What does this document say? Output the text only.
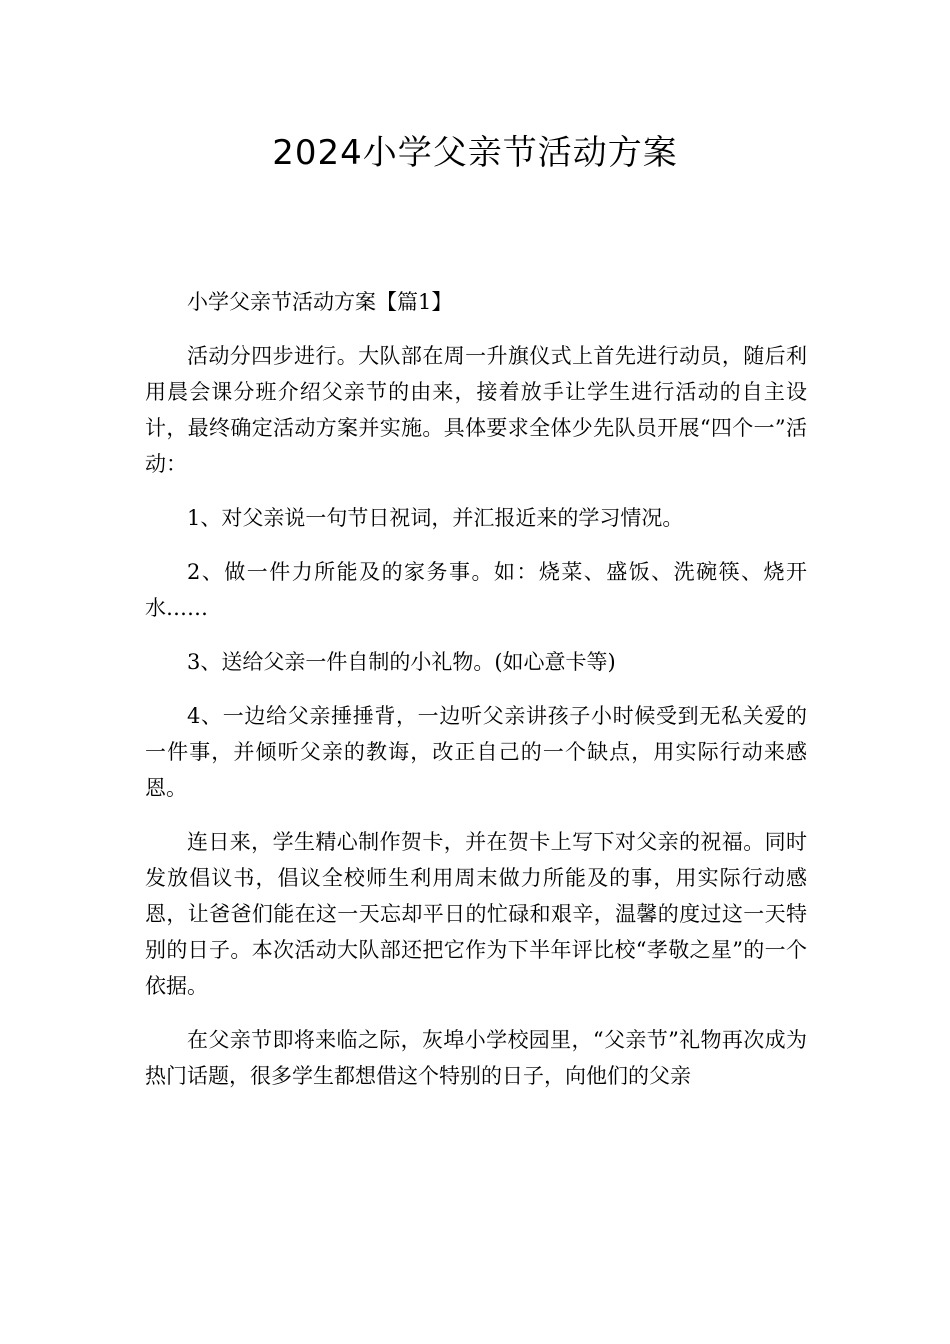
2024小学父亲节活动方案

小学父亲节活动方案【篇1】

活动分四步进行。大队部在周一升旗仪式上首先进行动员，随后利用晨会课分班介绍父亲节的由来，接着放手让学生进行活动的自主设计，最终确定活动方案并实施。具体要求全体少先队员开展“四个一”活动：

1、对父亲说一句节日祝词，并汇报近来的学习情况。

2、做一件力所能及的家务事。如：烧菜、盛饭、洗碗筷、烧开水……

3、送给父亲一件自制的小礼物。(如心意卡等)

4、一边给父亲捶捶背，一边听父亲讲孩子小时候受到无私关爱的一件事，并倾听父亲的教诲，改正自己的一个缺点，用实际行动来感恩。

连日来，学生精心制作贺卡，并在贺卡上写下对父亲的祝福。同时发放倡议书，倡议全校师生利用周末做力所能及的事，用实际行动感恩，让爸爸们能在这一天忘却平日的忙碌和艰辛，温馨的度过这一天特别的日子。本次活动大队部还把它作为下半年评比校“孝敬之星”的一个依据。

在父亲节即将来临之际，灰埠小学校园里，“父亲节”礼物再次成为热门话题，很多学生都想借这个特别的日子，向他们的父亲
